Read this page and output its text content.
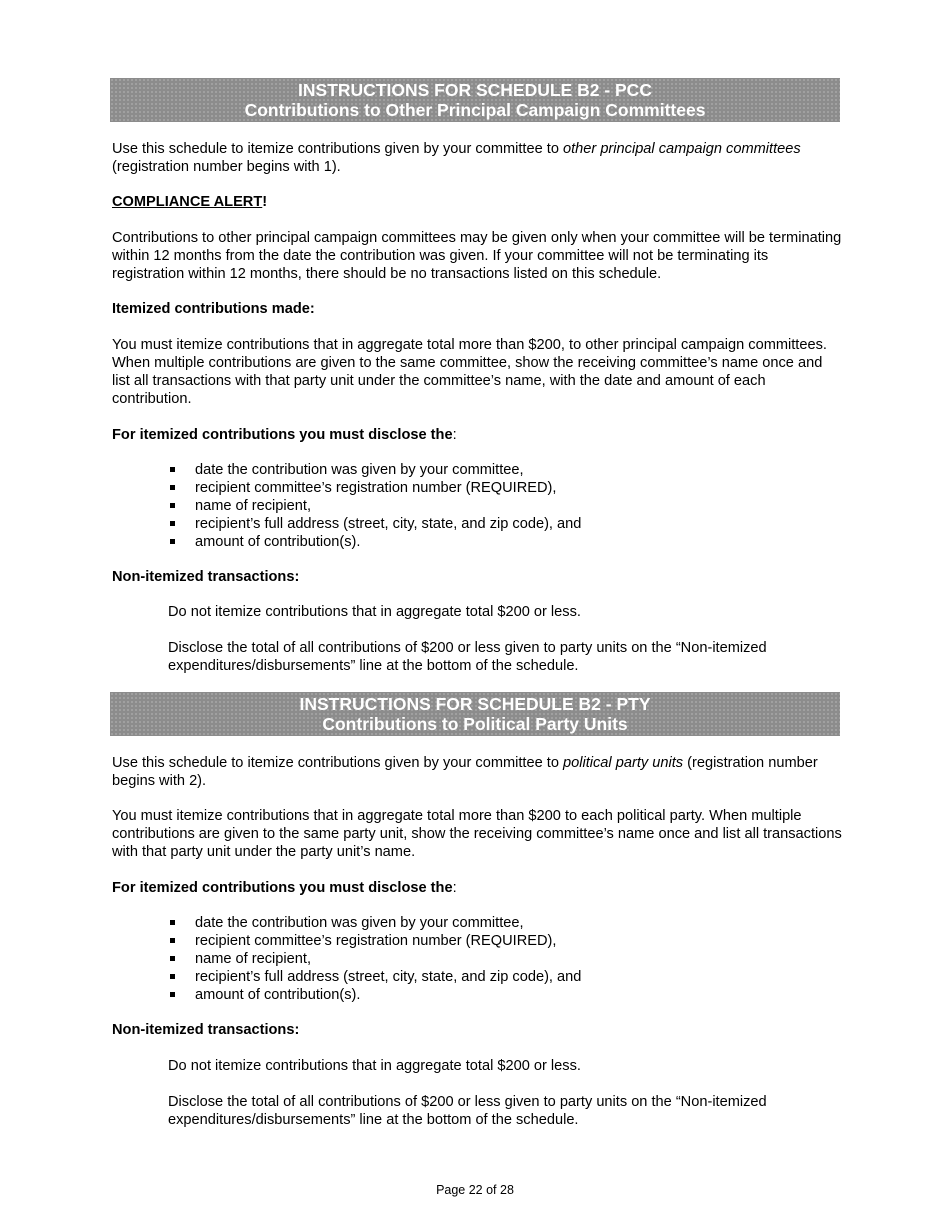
INSTRUCTIONS FOR SCHEDULE B2 - PCC
Contributions to Other Principal Campaign Committees

Use this schedule to itemize contributions given by your committee to other principal campaign committees
(registration number begins with 1).

COMPLIANCE ALERT!

Contributions to other principal campaign committees may be given only when your committee will be terminating within 12 months from the date the contribution was given. If your committee will not be terminating its registration within 12 months, there should be no transactions listed on this schedule.

Itemized contributions made:

You must itemize contributions that in aggregate total more than $200, to other principal campaign committees. When multiple contributions are given to the same committee, show the receiving committee’s name once and list all transactions with that party unit under the committee’s name, with the date and amount of each contribution.

For itemized contributions you must disclose the:

date the contribution was given by your committee,
recipient committee’s registration number (REQUIRED),
name of recipient,
recipient’s full address (street, city, state, and zip code), and
amount of contribution(s).

Non-itemized transactions:

Do not itemize contributions that in aggregate total $200 or less.

Disclose the total of all contributions of $200 or less given to party units on the “Non-itemized expenditures/disbursements” line at the bottom of the schedule.

INSTRUCTIONS FOR SCHEDULE B2 - PTY
Contributions to Political Party Units

Use this schedule to itemize contributions given by your committee to political party units (registration number begins with 2).

You must itemize contributions that in aggregate total more than $200 to each political party. When multiple contributions are given to the same party unit, show the receiving committee’s name once and list all transactions with that party unit under the party unit’s name.

For itemized contributions you must disclose the:

date the contribution was given by your committee,
recipient committee’s registration number (REQUIRED),
name of recipient,
recipient’s full address (street, city, state, and zip code), and
amount of contribution(s).

Non-itemized transactions:

Do not itemize contributions that in aggregate total $200 or less.

Disclose the total of all contributions of $200 or less given to party units on the “Non-itemized expenditures/disbursements” line at the bottom of the schedule.

Page 22 of 28
